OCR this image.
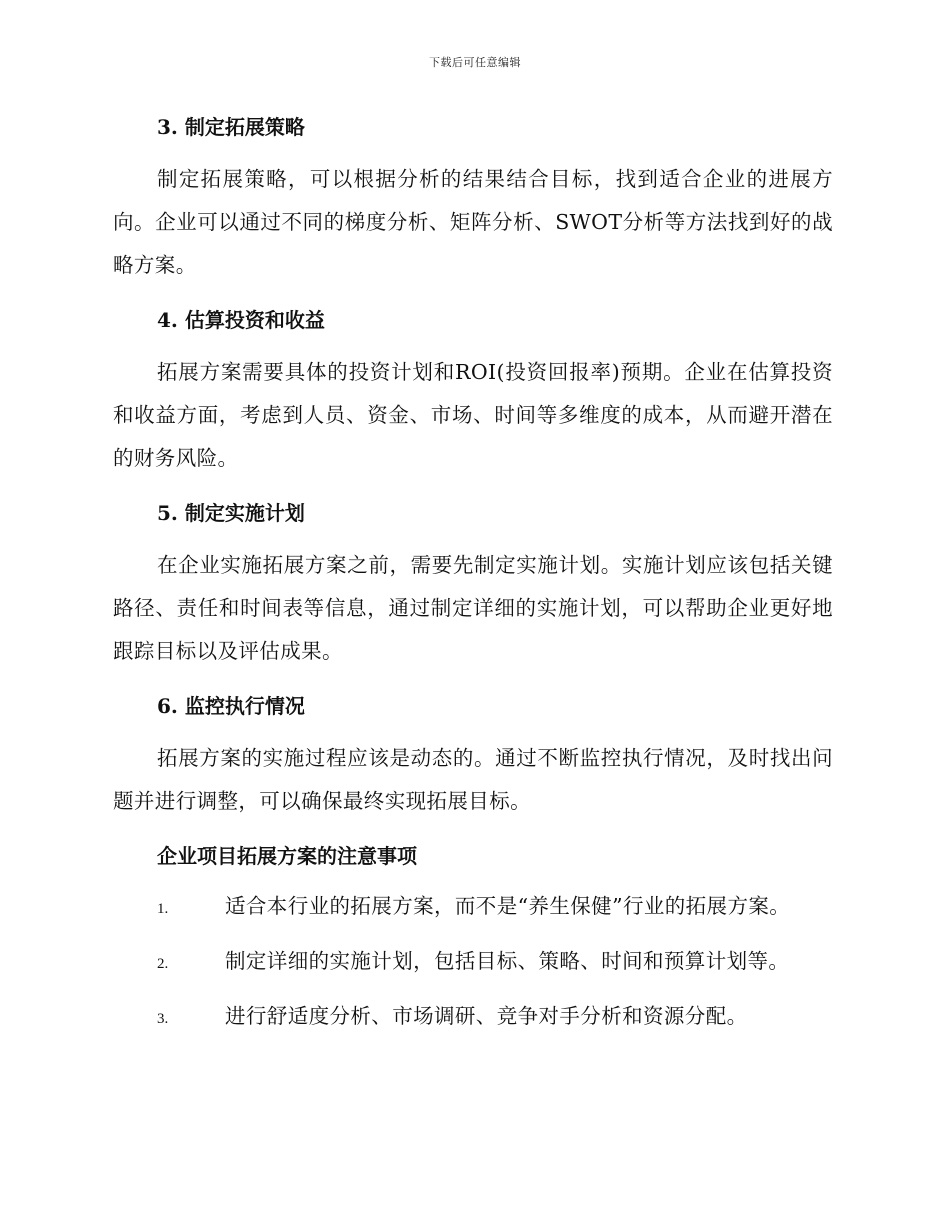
下载后可任意编辑
3. 制定拓展策略

制定拓展策略，可以根据分析的结果结合目标，找到适合企业的进展方向。企业可以通过不同的梯度分析、矩阵分析、SWOT分析等方法找到好的战略方案。

4. 估算投资和收益

拓展方案需要具体的投资计划和ROI(投资回报率)预期。企业在估算投资和收益方面，考虑到人员、资金、市场、时间等多维度的成本，从而避开潜在的财务风险。

5. 制定实施计划

在企业实施拓展方案之前，需要先制定实施计划。实施计划应该包括关键路径、责任和时间表等信息，通过制定详细的实施计划，可以帮助企业更好地跟踪目标以及评估成果。

6. 监控执行情况

拓展方案的实施过程应该是动态的。通过不断监控执行情况，及时找出问题并进行调整，可以确保最终实现拓展目标。

企业项目拓展方案的注意事项
1.	适合本行业的拓展方案，而不是“养生保健”行业的拓展方案。
2.	制定详细的实施计划，包括目标、策略、时间和预算计划等。
3.	进行舒适度分析、市场调研、竞争对手分析和资源分配。
